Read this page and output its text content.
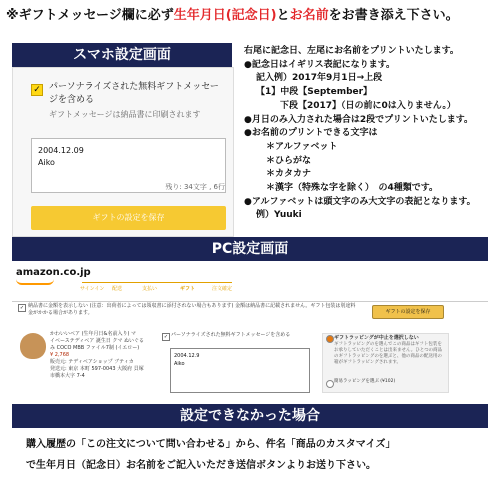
※ギフトメッセージ欄に必ず生年月日(記念日)とお名前をお書き添え下さい。
スマホ設定画面
✓ パーソナライズされた無料ギフトメッセージを含める
ギフトメッセージは納品書に印刷されます
2004.12.09
Aiko
残り: 34文字 , 6行
ギフトの設定を保存
右尾に記念日、左尾にお名前をプリントいたします。
●記念日はイギリス表記になります。
記入例）2017年9月1日→上段
【1】中段【September】
下段【2017】（日の前に0は入りません。）
●月日のみ入力された場合は2段でプリントいたします。
●お名前のプリントできる文字は
＊アルファベット
＊ひらがな
＊カタカナ
＊漢字（特殊な字を除く）　の4種類です。
●アルファベットは頭文字のみ大文字の表記となります。
例）Yuuki
PC設定画面
amazon.co.jp
サインイン 配送	支払い	ギフト	注文確定
✓ 納品書に金額を表示しない (注意：出荷者によっては領収書に添付されない場合もあります) 金額は納品書に記載されません。ギフト包装は別途料金がかかる場合があります。	ギフトの設定を保存
かわいいベア (生年月日&名前入り) マ
イベーステディベア 誕生日 クマ ぬいぐる
み COCO MBB ファイル7制 (イエロー)
¥ 2,768
販売元: テディベアショップ ブティカ
発送元: 東京 本町 597-0043 大阪府 貝塚
市橋本大字 7-4
✓ パーソナライズされた無料ギフトメッセージを含める
2004.12.9
Aiko
ギフトラッピングが中止を選択しない
ギフトラッピングのを選んでこの商品はギフト包装をお承りしていただくことは出来ません。ひとつの商品のギフトラッピングのを選ぶと、他の商品の配送用の箱がギフトラッピングされます。
簡易ラッピングを選ぶ (¥102)
設定できなかった場合
購入履歴の「この注文について問い合わせる」から、件名「商品のカスタマイズ」
で生年月日（記念日）お名前をご記入いただき送信ボタンよりお送り下さい。
